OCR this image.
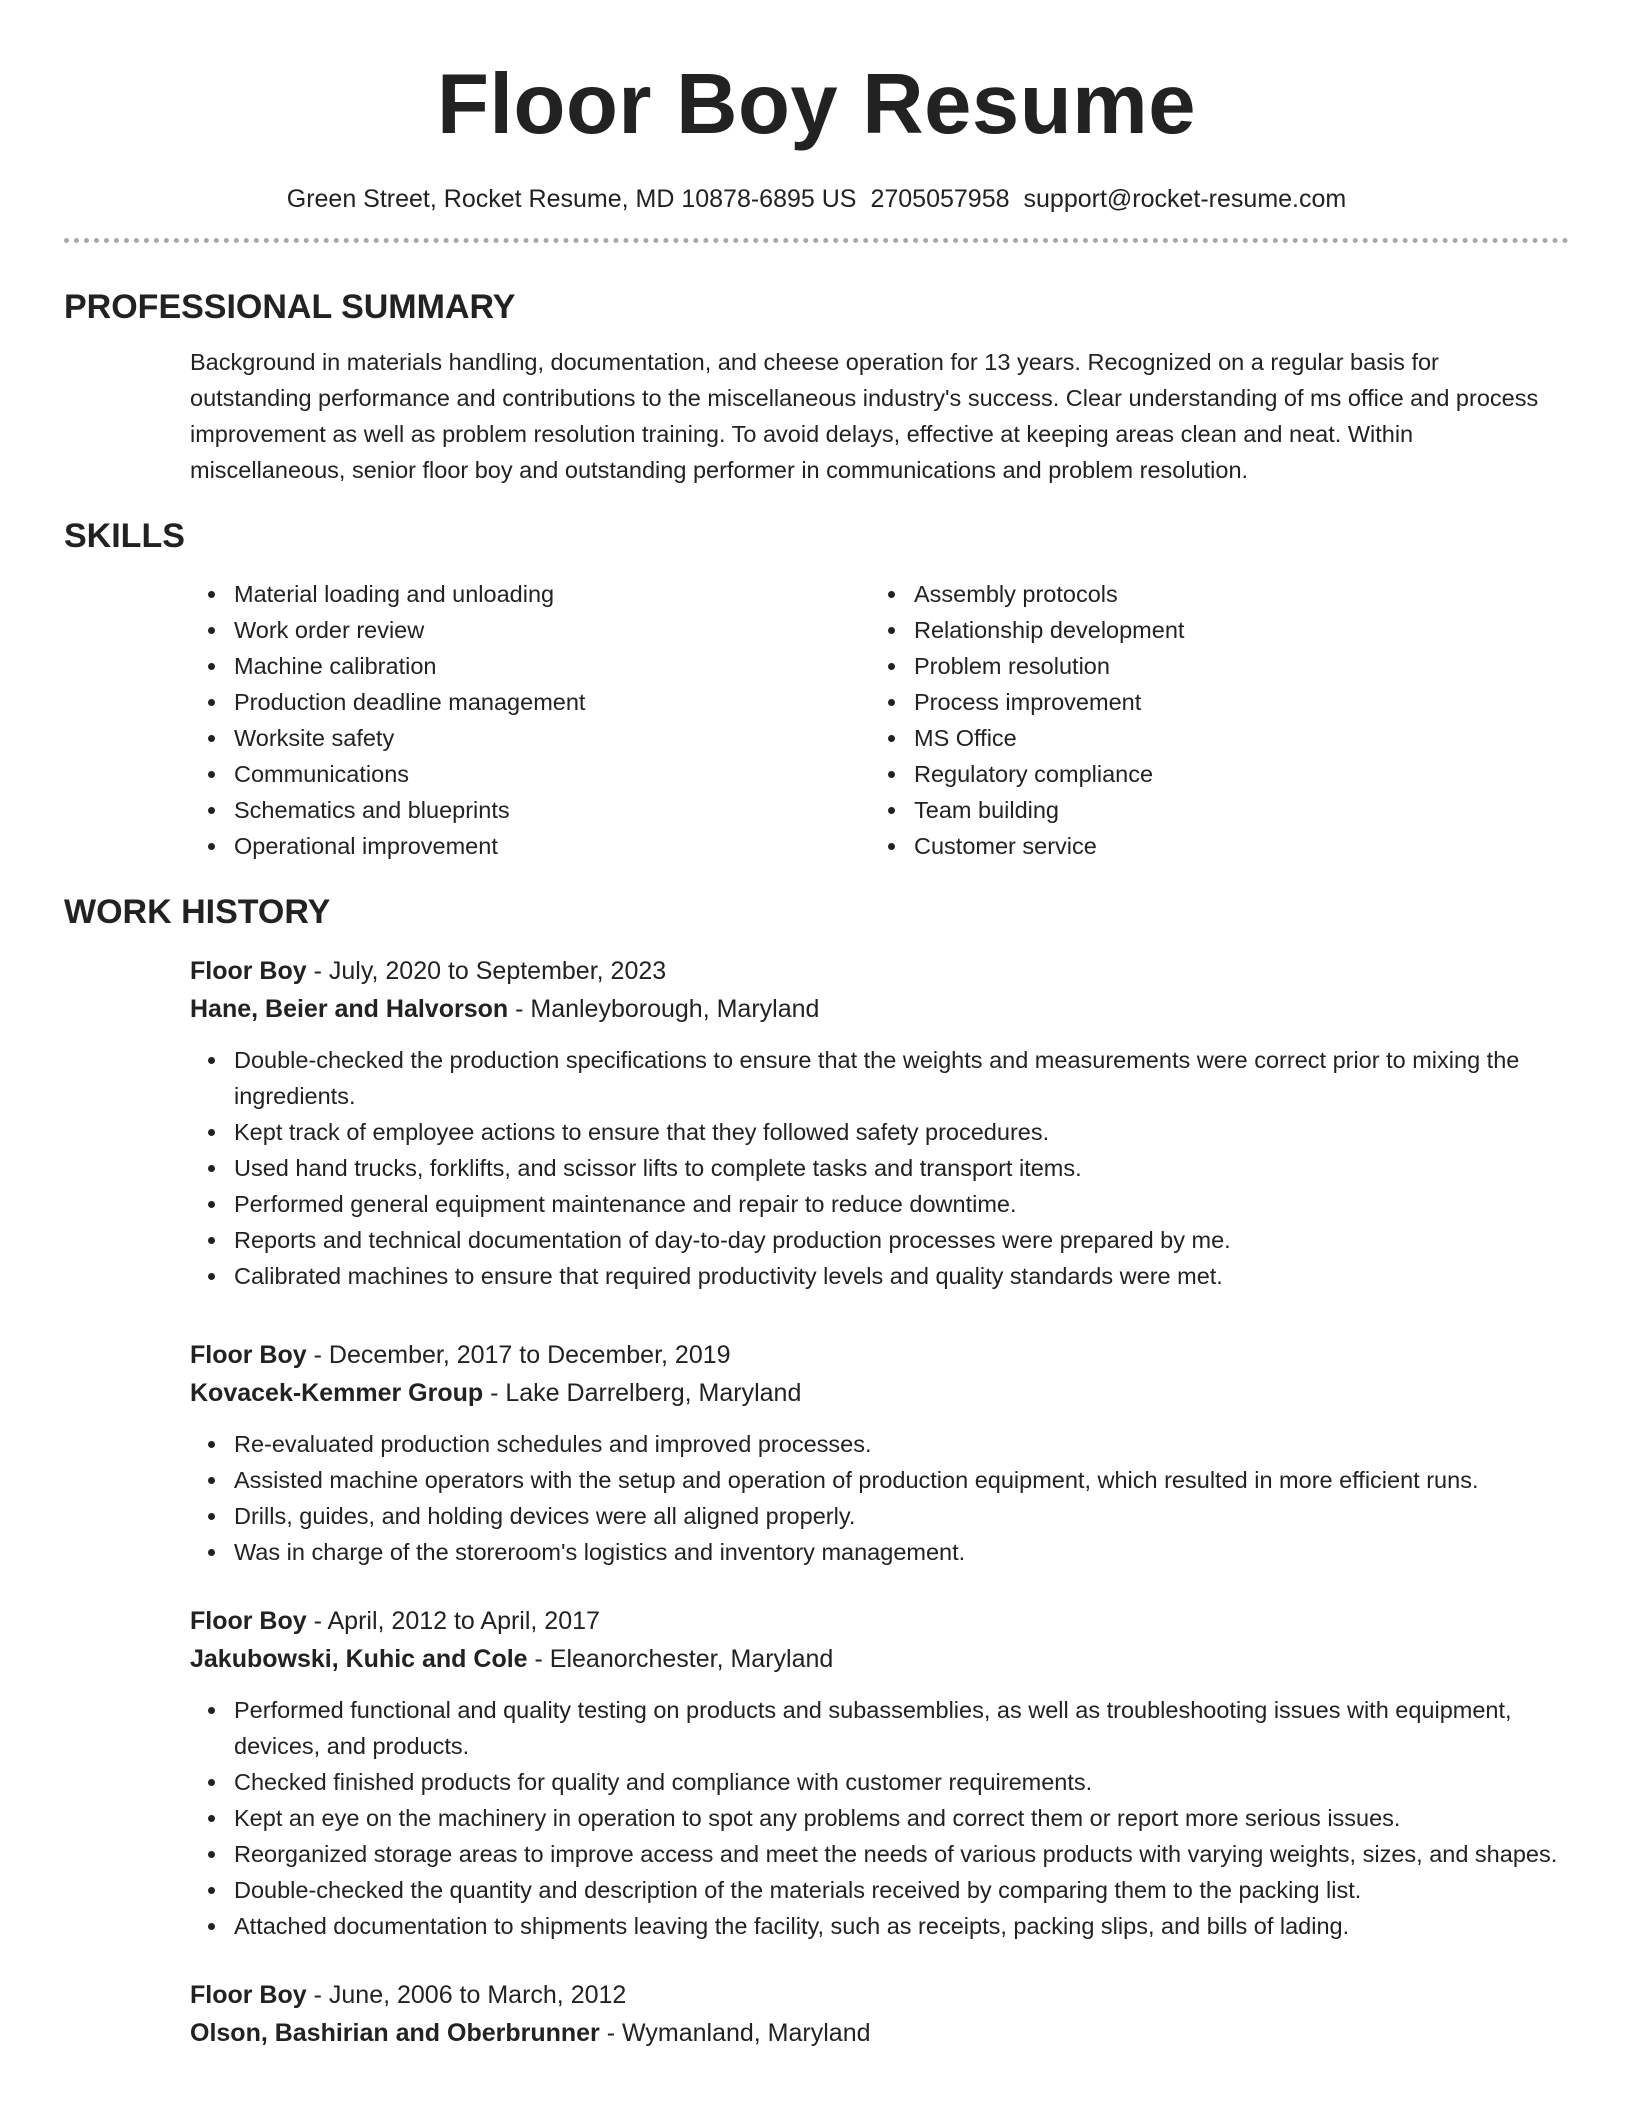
Floor Boy Resume
Green Street, Rocket Resume, MD 10878-6895 US 2705057958 support@rocket-resume.com
PROFESSIONAL SUMMARY

Background in materials handling, documentation, and cheese operation for 13 years. Recognized on a regular basis for outstanding performance and contributions to the miscellaneous industry's success. Clear understanding of ms office and process improvement as well as problem resolution training. To avoid delays, effective at keeping areas clean and neat. Within miscellaneous, senior floor boy and outstanding performer in communications and problem resolution.

SKILLS
Material loading and unloading
Work order review
Machine calibration
Production deadline management
Worksite safety
Communications
Schematics and blueprints
Operational improvement
Assembly protocols
Relationship development
Problem resolution
Process improvement
MS Office
Regulatory compliance
Team building
Customer service
WORK HISTORY
Floor Boy - July, 2020 to September, 2023
Hane, Beier and Halvorson - Manleyborough, Maryland
Double-checked the production specifications to ensure that the weights and measurements were correct prior to mixing the ingredients.
Kept track of employee actions to ensure that they followed safety procedures.
Used hand trucks, forklifts, and scissor lifts to complete tasks and transport items.
Performed general equipment maintenance and repair to reduce downtime.
Reports and technical documentation of day-to-day production processes were prepared by me.
Calibrated machines to ensure that required productivity levels and quality standards were met.
Floor Boy - December, 2017 to December, 2019
Kovacek-Kemmer Group - Lake Darrelberg, Maryland
Re-evaluated production schedules and improved processes.
Assisted machine operators with the setup and operation of production equipment, which resulted in more efficient runs.
Drills, guides, and holding devices were all aligned properly.
Was in charge of the storeroom's logistics and inventory management.
Floor Boy - April, 2012 to April, 2017
Jakubowski, Kuhic and Cole - Eleanorchester, Maryland
Performed functional and quality testing on products and subassemblies, as well as troubleshooting issues with equipment, devices, and products.
Checked finished products for quality and compliance with customer requirements.
Kept an eye on the machinery in operation to spot any problems and correct them or report more serious issues.
Reorganized storage areas to improve access and meet the needs of various products with varying weights, sizes, and shapes.
Double-checked the quantity and description of the materials received by comparing them to the packing list.
Attached documentation to shipments leaving the facility, such as receipts, packing slips, and bills of lading.
Floor Boy - June, 2006 to March, 2012
Olson, Bashirian and Oberbrunner - Wymanland, Maryland
